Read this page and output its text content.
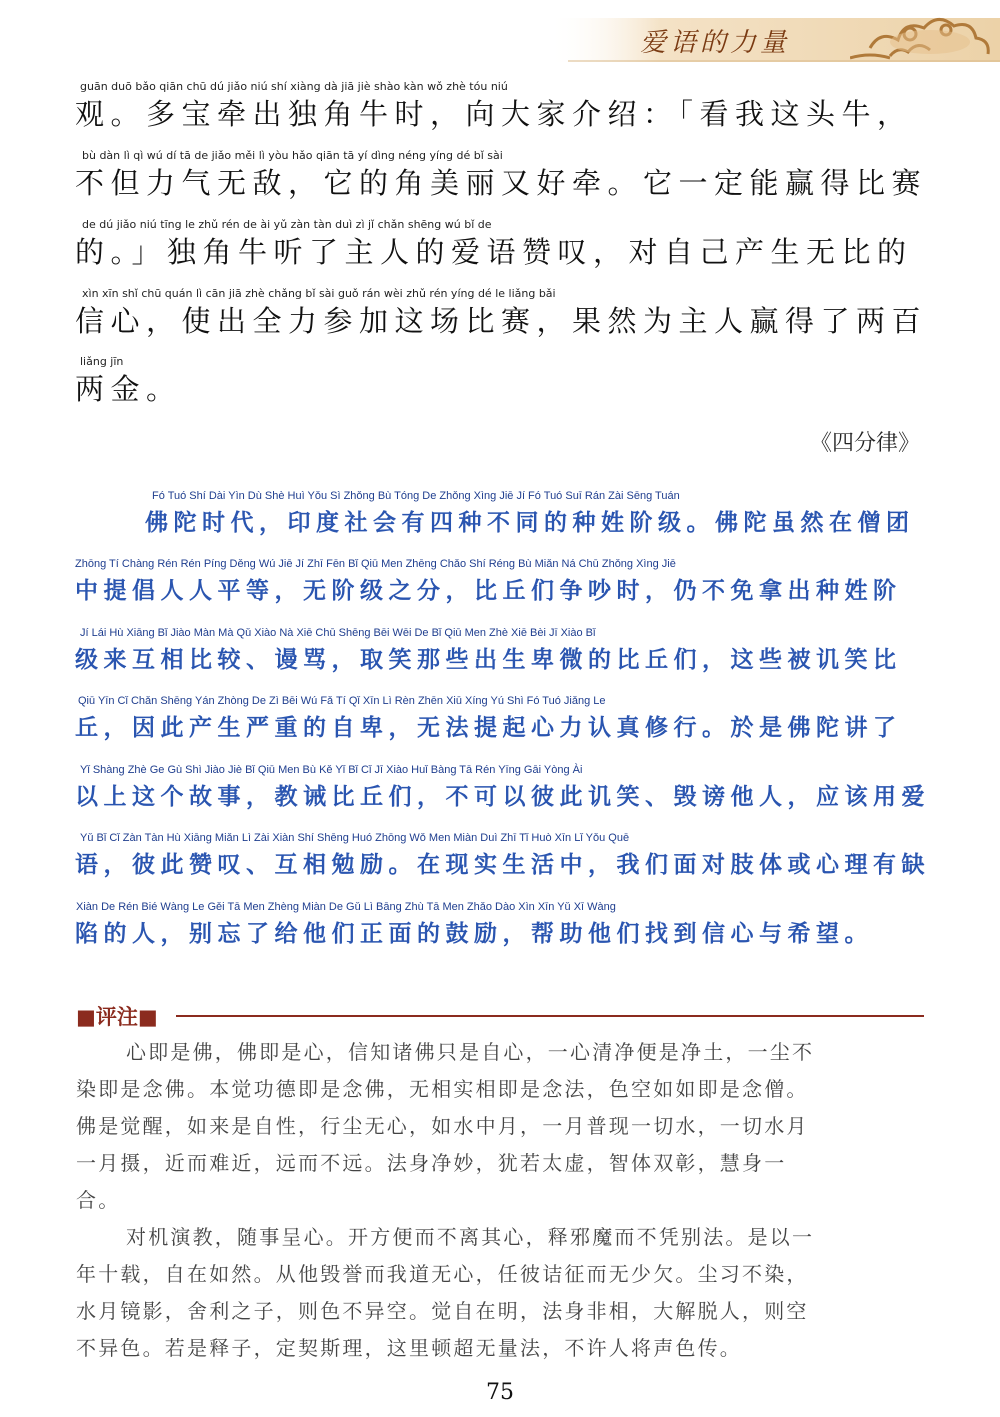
爱语的力量
guān duō bǎo qiān chū dú jiǎo niú shí xiàng dà jiā jiè shào kàn wǒ zhè tóu niú
观。多宝牵出独角牛时，向大家介绍：「看我这头牛，
bù dàn lì qì wú dí tā de jiǎo měi lì yòu hǎo qiān tā yí dìng néng yíng dé bǐ sài
不但力气无敌，它的角美丽又好牵。它一定能赢得比赛
de dú jiǎo niú tīng le zhǔ rén de ài yǔ zàn tàn duì zì jǐ chǎn shēng wú bǐ de
的。」独角牛听了主人的爱语赞叹，对自己产生无比的
xìn xīn shǐ chū quán lì cān jiā zhè chǎng bǐ sài guǒ rán wèi zhǔ rén yíng dé le liǎng bǎi
信心，使出全力参加这场比赛，果然为主人赢得了两百
liǎng jīn
两金。
《四分律》
Fó Tuó Shí Dài Yìn Dù Shè Huì Yǒu Sì Zhǒng Bù Tóng De Zhǒng Xìng Jiē Jí Fó Tuó Suī Rán Zài Sēng Tuán
佛陀时代，印度社会有四种不同的种姓阶级。佛陀虽然在僧团
Zhōng Tí Chàng Rén Rén Píng Děng Wú Jiē Jí Zhī Fēn Bǐ Qiū Men Zhēng Chǎo Shí Réng Bù Miǎn Ná Chū Zhǒng Xìng Jiē
中提倡人人平等，无阶级之分，比丘们争吵时，仍不免拿出种姓阶
Jí Lái Hù Xiāng Bǐ Jiào Màn Mà Qǔ Xiào Nà Xiē Chū Shēng Bēi Wēi De Bǐ Qiū Men Zhè Xiē Bèi Jī Xiào Bǐ
级来互相比较、谩骂，取笑那些出生卑微的比丘们，这些被讥笑比
Qiū Yīn Cǐ Chǎn Shēng Yán Zhòng De Zì Bēi Wú Fǎ Tí Qǐ Xīn Lì Rèn Zhēn Xiū Xíng Yú Shì Fó Tuó Jiǎng Le
丘，因此产生严重的自卑，无法提起心力认真修行。於是佛陀讲了
Yǐ Shàng Zhè Ge Gù Shì Jiào Jiè Bǐ Qiū Men Bù Kě Yǐ Bǐ Cǐ Jī Xiào Huǐ Bàng Tā Rén Yīng Gāi Yòng Ài
以上这个故事，教诫比丘们，不可以彼此讥笑、毁谤他人，应该用爱
Yǔ Bǐ Cǐ Zàn Tàn Hù Xiāng Miǎn Lì Zài Xiàn Shí Shēng Huó Zhōng Wǒ Men Miàn Duì Zhī Tǐ Huò Xīn Lǐ Yǒu Quē
语，彼此赞叹、互相勉励。在现实生活中，我们面对肢体或心理有缺
Xiàn De Rén Bié Wàng Le Gěi Tā Men Zhèng Miàn De Gǔ Lì Bāng Zhù Tā Men Zhǎo Dào Xìn Xīn Yǔ Xī Wàng
陷的人，别忘了给他们正面的鼓励，帮助他们找到信心与希望。
■评注■
心即是佛，佛即是心，信知诸佛只是自心，一心清净便是净土，一尘不
染即是念佛。本觉功德即是念佛，无相实相即是念法，色空如如即是念僧。
佛是觉醒，如来是自性，行尘无心，如水中月，一月普现一切水，一切水月
一月摄，近而难近，远而不远。法身净妙，犹若太虚，智体双彰，慧身一
合。
对机演教，随事呈心。开方便而不离其心，释邪魔而不凭别法。是以一
年十载，自在如然。从他毁誉而我道无心，任彼诘征而无少欠。尘习不染，
水月镜影，舍利之子，则色不异空。觉自在明，法身非相，大解脱人，则空
不异色。若是释子，定契斯理，这里顿超无量法，不许人将声色传。
75
